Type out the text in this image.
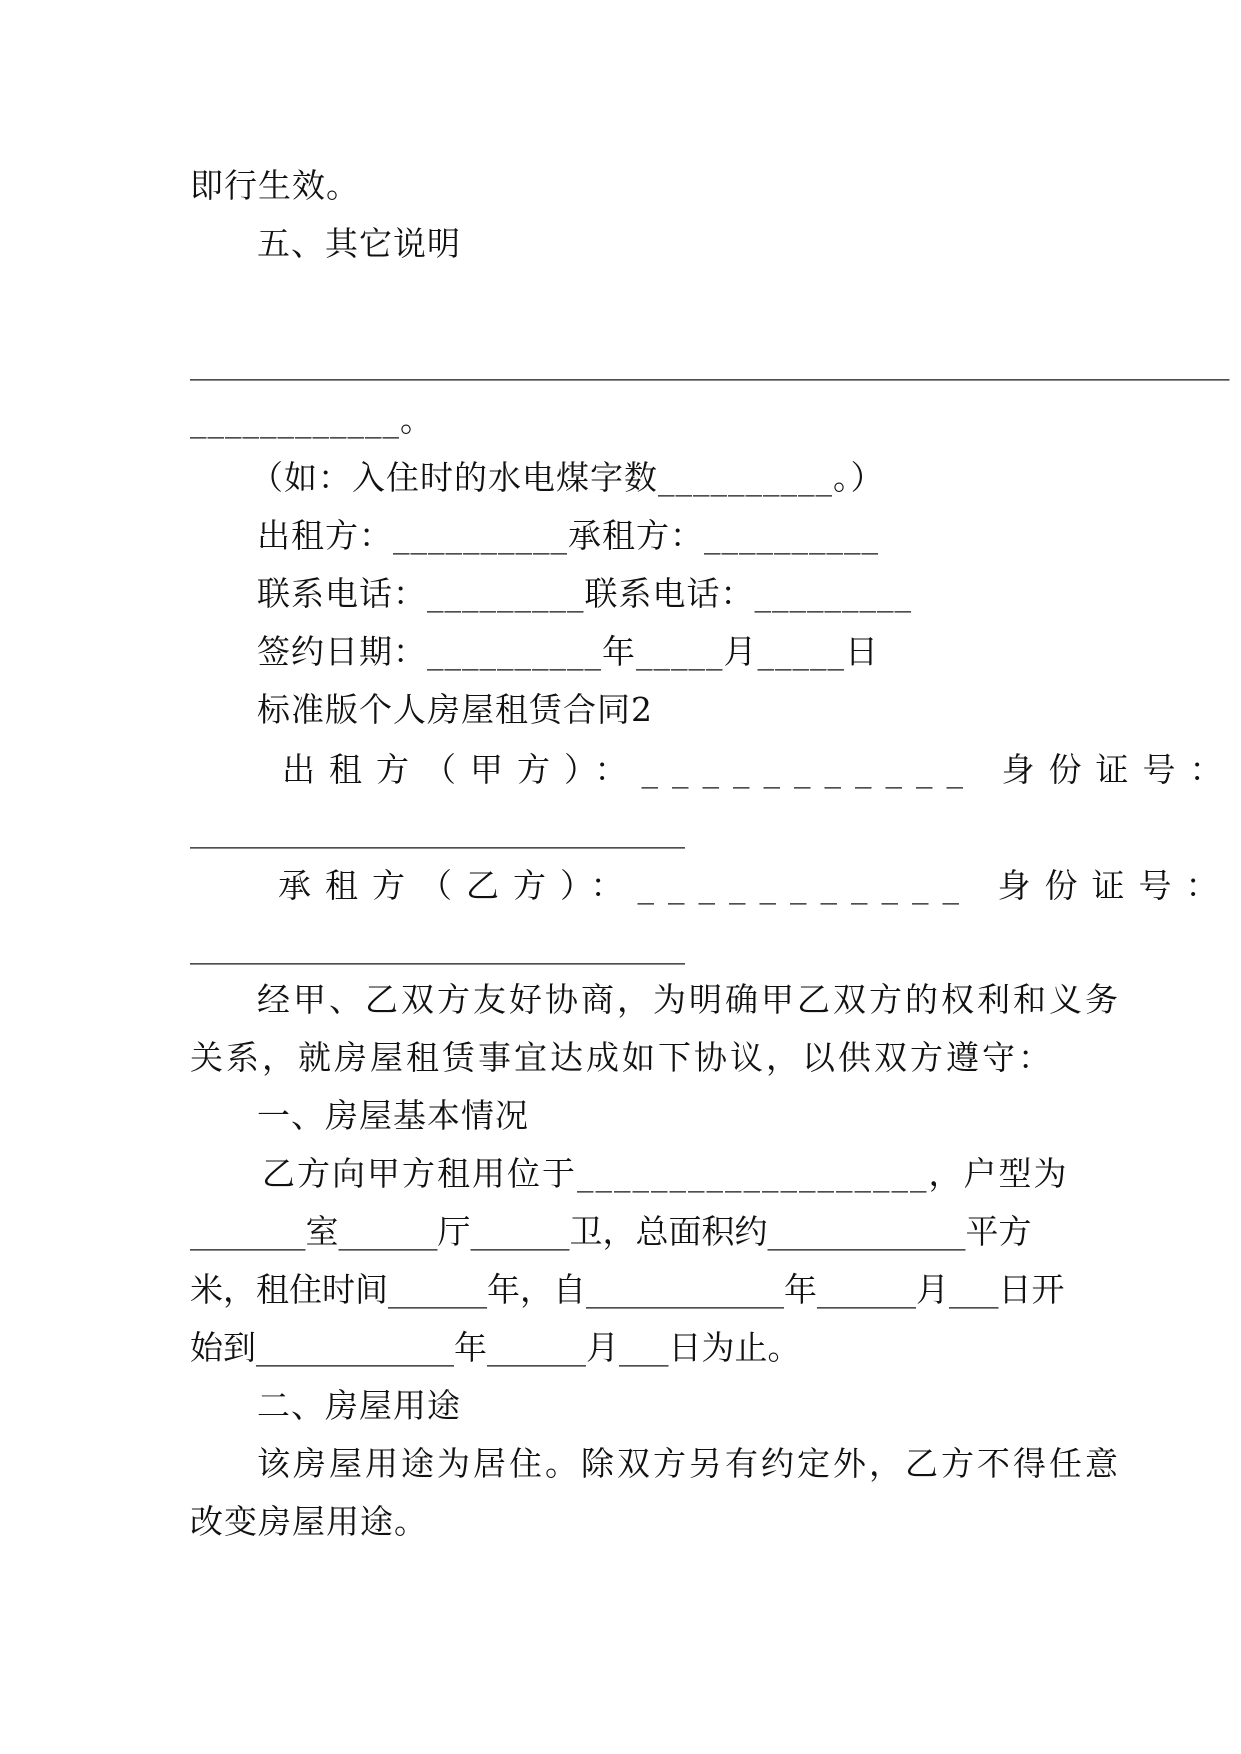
即行生效。
五、其它说明
_______________________________________________________________
____________。
（如：入住时的水电煤字数__________。）
出租方：__________承租方：__________
联系电话：_________联系电话：_________
签约日期：__________年_____月_____日
标准版个人房屋租赁合同2
出租方（甲方）：___________ 身份证号：
______________________________
承租方（乙方）：___________ 身份证号：
______________________________
经甲、乙双方友好协商，为明确甲乙双方的权利和义务
关系，就房屋租赁事宜达成如下协议，以供双方遵守：
一、房屋基本情况
乙方向甲方租用位于___________________，户型为
_______室______厅______卫，总面积约____________平方
米，租住时间______年，自____________年______月___日开
始到____________年______月___日为止。
二、房屋用途
该房屋用途为居住。除双方另有约定外，乙方不得任意
改变房屋用途。
